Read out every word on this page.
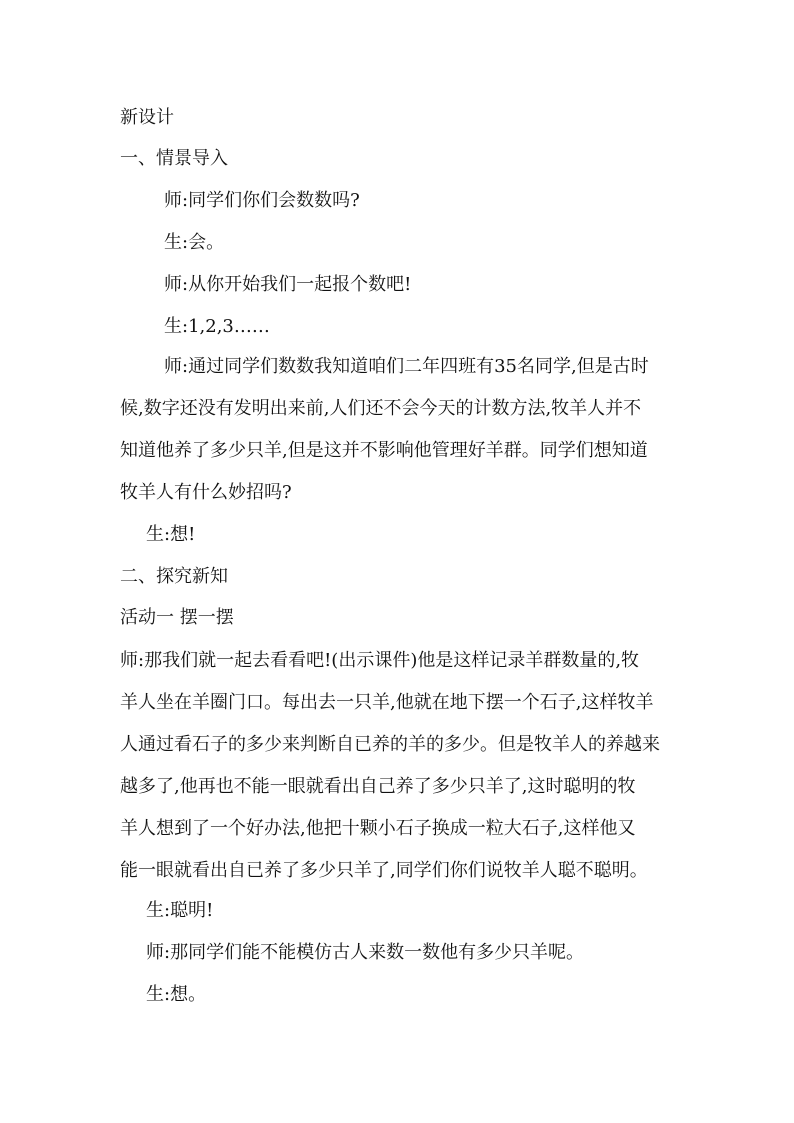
新设计
一、情景导入
师:同学们你们会数数吗?
生:会。
师:从你开始我们一起报个数吧!
生:1,2,3……
师:通过同学们数数我知道咱们二年四班有35名同学,但是古时
候,数字还没有发明出来前,人们还不会今天的计数方法,牧羊人并不
知道他养了多少只羊,但是这并不影响他管理好羊群。同学们想知道
牧羊人有什么妙招吗?
生:想!
二、探究新知
活动一 摆一摆
师:那我们就一起去看看吧!(出示课件)他是这样记录羊群数量的,牧
羊人坐在羊圈门口。每出去一只羊,他就在地下摆一个石子,这样牧羊
人通过看石子的多少来判断自已养的羊的多少。但是牧羊人的养越来
越多了,他再也不能一眼就看出自己养了多少只羊了,这时聪明的牧
羊人想到了一个好办法,他把十颗小石子换成一粒大石子,这样他又
能一眼就看出自已养了多少只羊了,同学们你们说牧羊人聪不聪明。
生:聪明!
师:那同学们能不能模仿古人来数一数他有多少只羊呢。
生:想。
